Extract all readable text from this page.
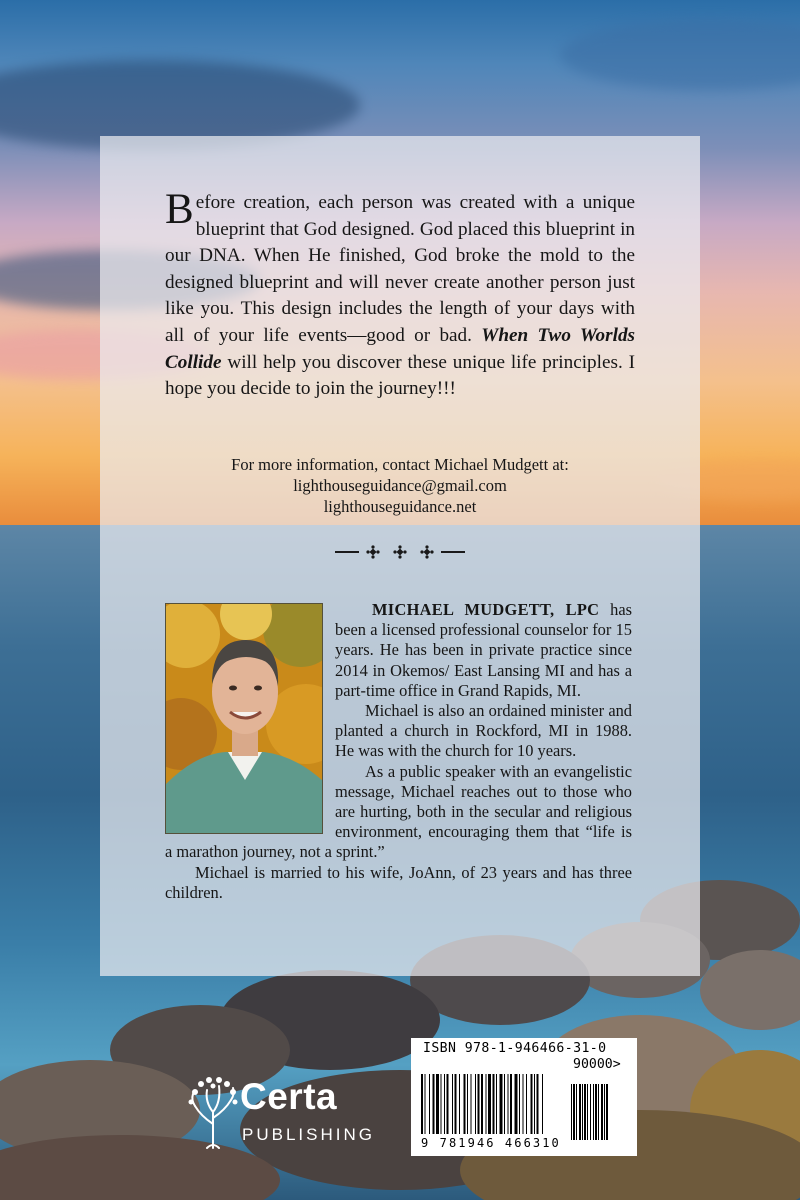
Before creation, each person was created with a unique blueprint that God designed. God placed this blueprint in our DNA. When He finished, God broke the mold to the designed blueprint and will never create another person just like you. This design includes the length of your days with all of your life events—good or bad. When Two Worlds Collide will help you discover these unique life principles. I hope you decide to join the journey!!!

For more information, contact Michael Mudgett at:
lighthouseguidance@gmail.com
lighthouseguidance.net

MICHAEL MUDGETT, LPC has been a licensed professional counselor for 15 years. He has been in private practice since 2014 in Okemos/ East Lansing MI and has a part-time office in Grand Rapids, MI.

Michael is also an ordained minister and planted a church in Rockford, MI in 1988. He was with the church for 10 years.

As a public speaker with an evangelistic message, Michael reaches out to those who are hurting, both in the secular and religious environment, encouraging them that “life is a marathon journey, not a sprint.”

Michael is married to his wife, JoAnn, of 23 years and has three children.

Certa
PUBLISHING
ISBN 978-1-946466-31-0
90000>
9 781946 466310
